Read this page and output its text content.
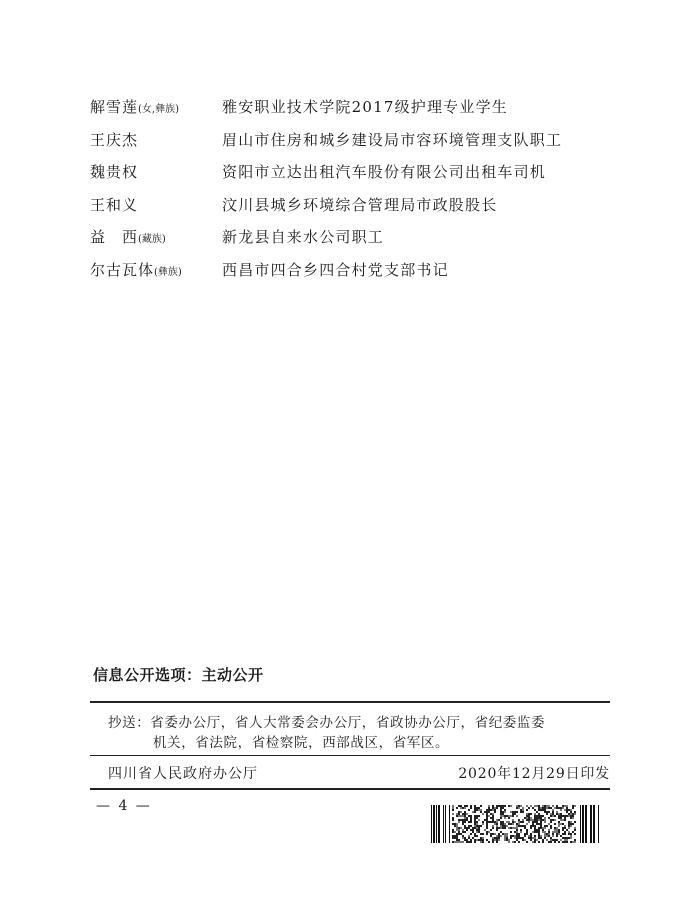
解雪莲(女,彝族)	雅安职业技术学院2017级护理专业学生
王庆杰	眉山市住房和城乡建设局市容环境管理支队职工
魏贵权	资阳市立达出租汽车股份有限公司出租车司机
王和义	汶川县城乡环境综合管理局市政股股长
益　西(藏族)	新龙县自来水公司职工
尔古瓦体(彝族)	西昌市四合乡四合村党支部书记
信息公开选项：主动公开
抄送：省委办公厅，省人大常委会办公厅，省政协办公厅，省纪委监委
机关，省法院，省检察院，西部战区，省军区。
四川省人民政府办公厅	2020年12月29日印发
— 4 —
